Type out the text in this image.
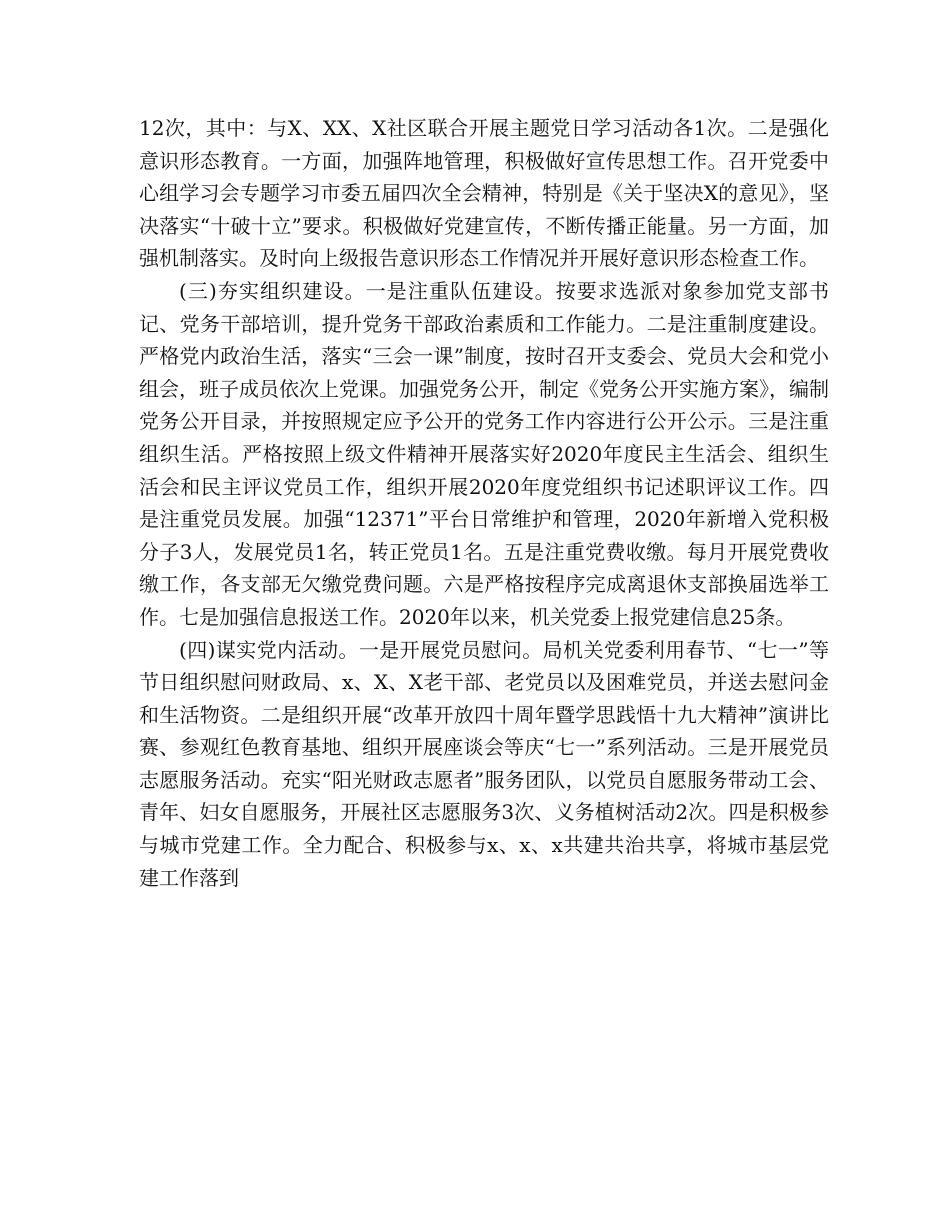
12次，其中：与X、XX、X社区联合开展主题党日学习活动各1次。二是强化意识形态教育。一方面，加强阵地管理，积极做好宣传思想工作。召开党委中心组学习会专题学习市委五届四次全会精神，特别是《关于坚决X的意见》，坚决落实“十破十立”要求。积极做好党建宣传，不断传播正能量。另一方面，加强机制落实。及时向上级报告意识形态工作情况并开展好意识形态检查工作。

(三)夯实组织建设。一是注重队伍建设。按要求选派对象参加党支部书记、党务干部培训，提升党务干部政治素质和工作能力。二是注重制度建设。严格党内政治生活，落实“三会一课”制度，按时召开支委会、党员大会和党小组会，班子成员依次上党课。加强党务公开，制定《党务公开实施方案》，编制党务公开目录，并按照规定应予公开的党务工作内容进行公开公示。三是注重组织生活。严格按照上级文件精神开展落实好2020年度民主生活会、组织生活会和民主评议党员工作，组织开展2020年度党组织书记述职评议工作。四是注重党员发展。加强“12371”平台日常维护和管理，2020年新增入党积极分子3人，发展党员1名，转正党员1名。五是注重党费收缴。每月开展党费收缴工作，各支部无欠缴党费问题。六是严格按程序完成离退休支部换届选举工作。七是加强信息报送工作。2020年以来，机关党委上报党建信息25条。

(四)谋实党内活动。一是开展党员慰问。局机关党委利用春节、“七一”等节日组织慰问财政局、x、X、X老干部、老党员以及困难党员，并送去慰问金和生活物资。二是组织开展“改革开放四十周年暨学思践悟十九大精神”演讲比赛、参观红色教育基地、组织开展座谈会等庆“七一”系列活动。三是开展党员志愿服务活动。充实“阳光财政志愿者”服务团队，以党员自愿服务带动工会、青年、妇女自愿服务，开展社区志愿服务3次、义务植树活动2次。四是积极参与城市党建工作。全力配合、积极参与x、x、x共建共治共享，将城市基层党建工作落到
